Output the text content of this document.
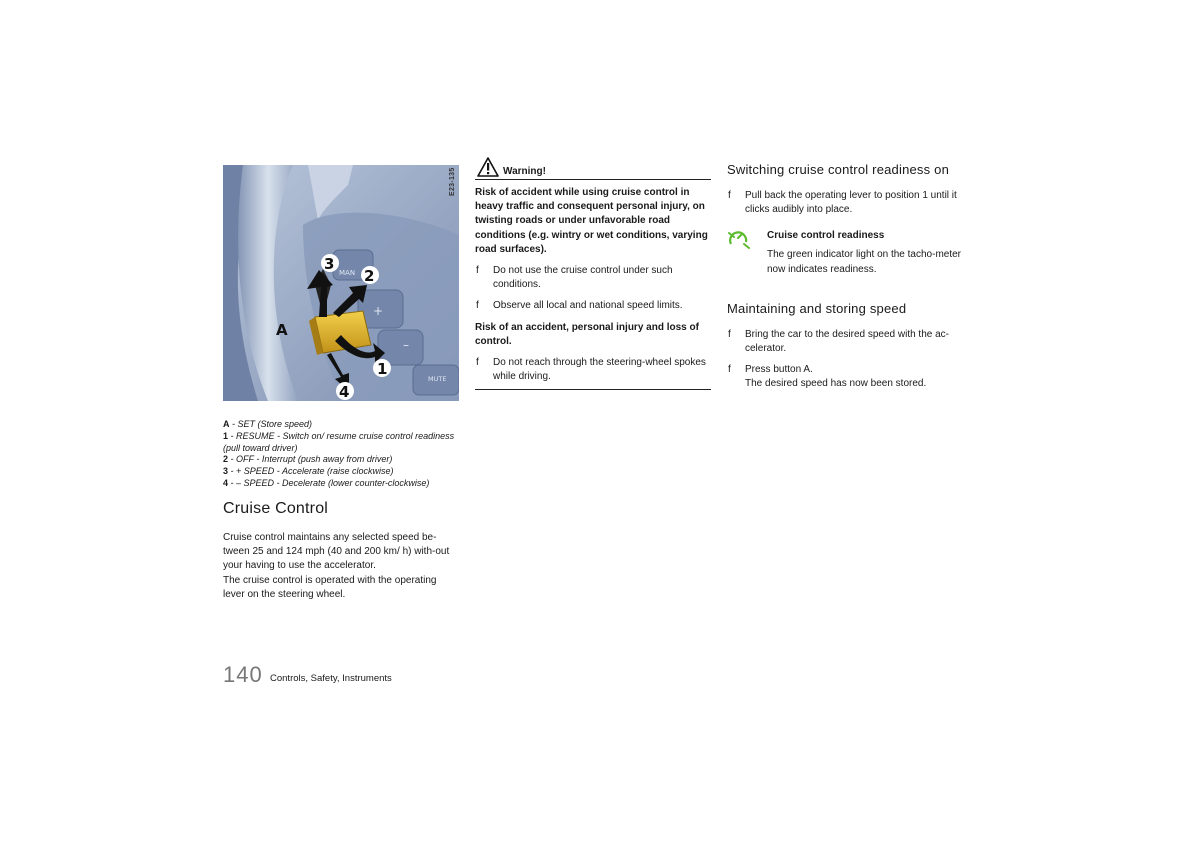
MAN
+
–
MUTE
3
2
A
1
4
E23-135
A - SET (Store speed)
1 - RESUME - Switch on/ resume cruise control readiness (pull toward driver)
2 - OFF - Interrupt (push away from driver)
3 - + SPEED - Accelerate (raise clockwise)
4 - – SPEED - Decelerate (lower counter-clockwise)
Cruise Control

Cruise control maintains any selected speed be-tween 25 and 124 mph (40 and 200 km/ h) with-out your having to use the accelerator.

The cruise control is operated with the operating lever on the steering wheel.

140 Controls, Safety, Instruments
Warning!

Risk of accident while using cruise control in heavy traffic and consequent personal injury, on twisting roads or under unfavorable road conditions (e.g. wintry or wet conditions, varying road surfaces).

f	Do not use the cruise control under such conditions.
f	Observe all local and national speed limits.

Risk of an accident, personal injury and loss of control.

f	Do not reach through the steering-wheel spokes while driving.
Switching cruise control readiness on
f	Pull back the operating lever to position 1 until it clicks audibly into place.
Cruise control readiness
The green indicator light on the tacho-meter now indicates readiness.
Maintaining and storing speed
f	Bring the car to the desired speed with the ac-celerator.
f	Press button A.
The desired speed has now been stored.
